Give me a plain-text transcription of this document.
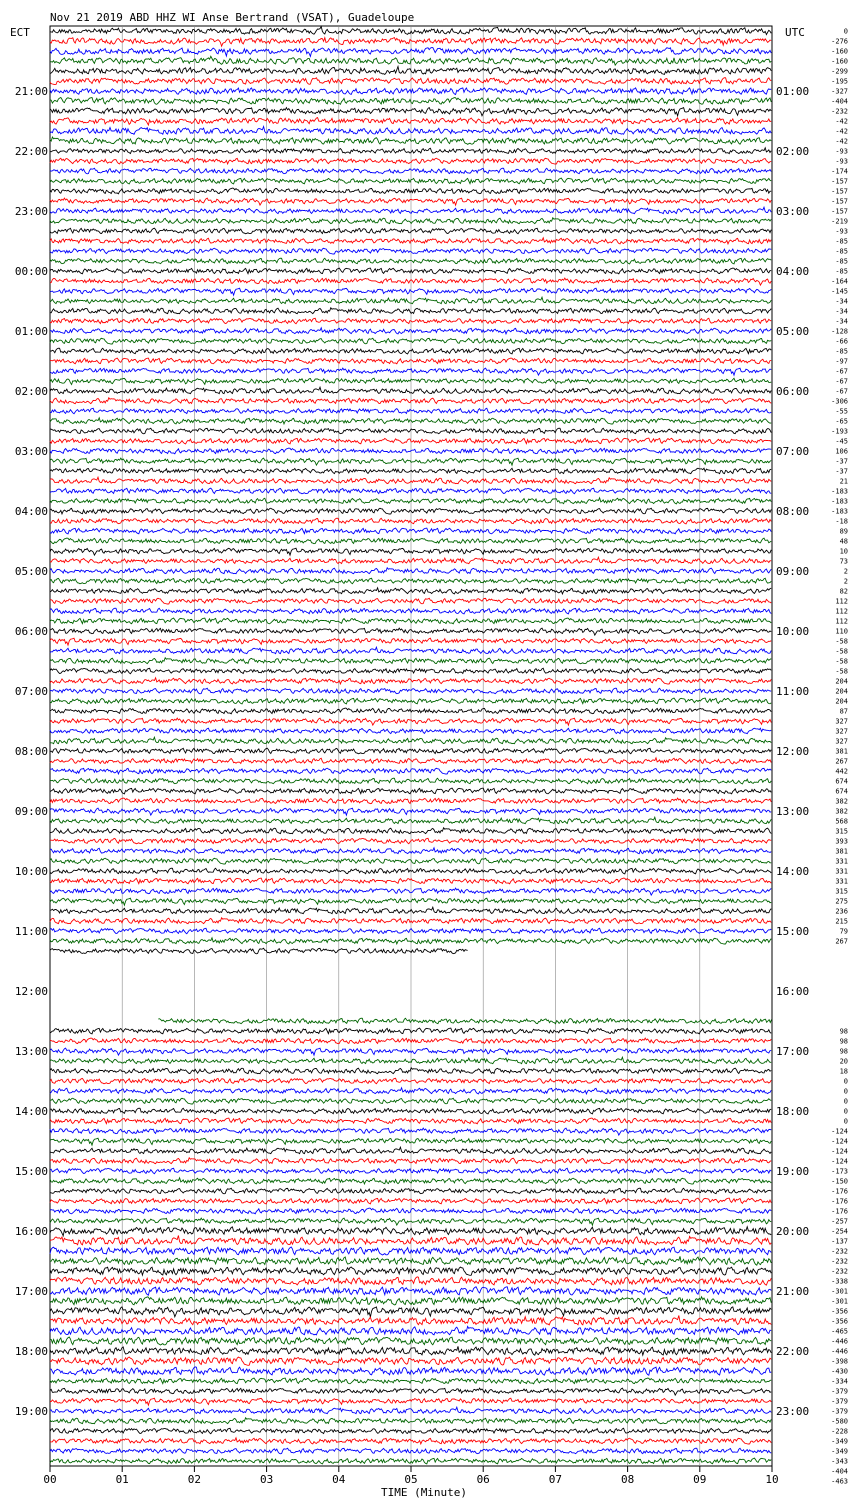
Nov 21 2019 ABD HHZ WI Anse Bertrand (VSAT), Guadeloupe
ECT	UTC
TIME (Minute)
21:00
22:00
23:00
00:00
01:00
02:00
03:00
04:00
05:00
06:00
07:00
08:00
09:00
10:00
11:00
12:00
13:00
14:00
15:00
16:00
17:00
18:00
19:00
01:00
02:00
03:00
04:00
05:00
06:00
07:00
08:00
09:00
10:00
11:00
12:00
13:00
14:00
15:00
16:00
17:00
18:00
19:00
20:00
21:00
22:00
23:00
0
-276
-160
-160
-299
-195
-327
-404
-232
-42
-42
-42
-93
-93
-174
-157
-157
-157
-157
-219
-93
-85
-85
-85
-85
-164
-145
-34
-34
-34
-128
-66
-85
-97
-67
-67
-67
-306
-55
-65
-193
-45
106
-37
-37
21
-183
-183
-183
-18
89
48
10
73
2
2
82
112
112
112
110
-58
-58
-58
-58
204
204
204
87
327
327
327
381
267
442
674
674
382
382
568
315
393
381
331
331
331
315
275
236
215
79
267
98
98
98
20
18
0
0
0
0
0
-124
-124
-124
-124
-173
-150
-176
-176
-176
-257
-254
-137
-232
-232
-232
-338
-301
-301
-356
-356
-465
-446
-446
-398
-430
-334
-379
-379
-379
-580
-228
-349
-349
-343
-404
-463
00	01	02	03	04	05	06	07	08	09	10
